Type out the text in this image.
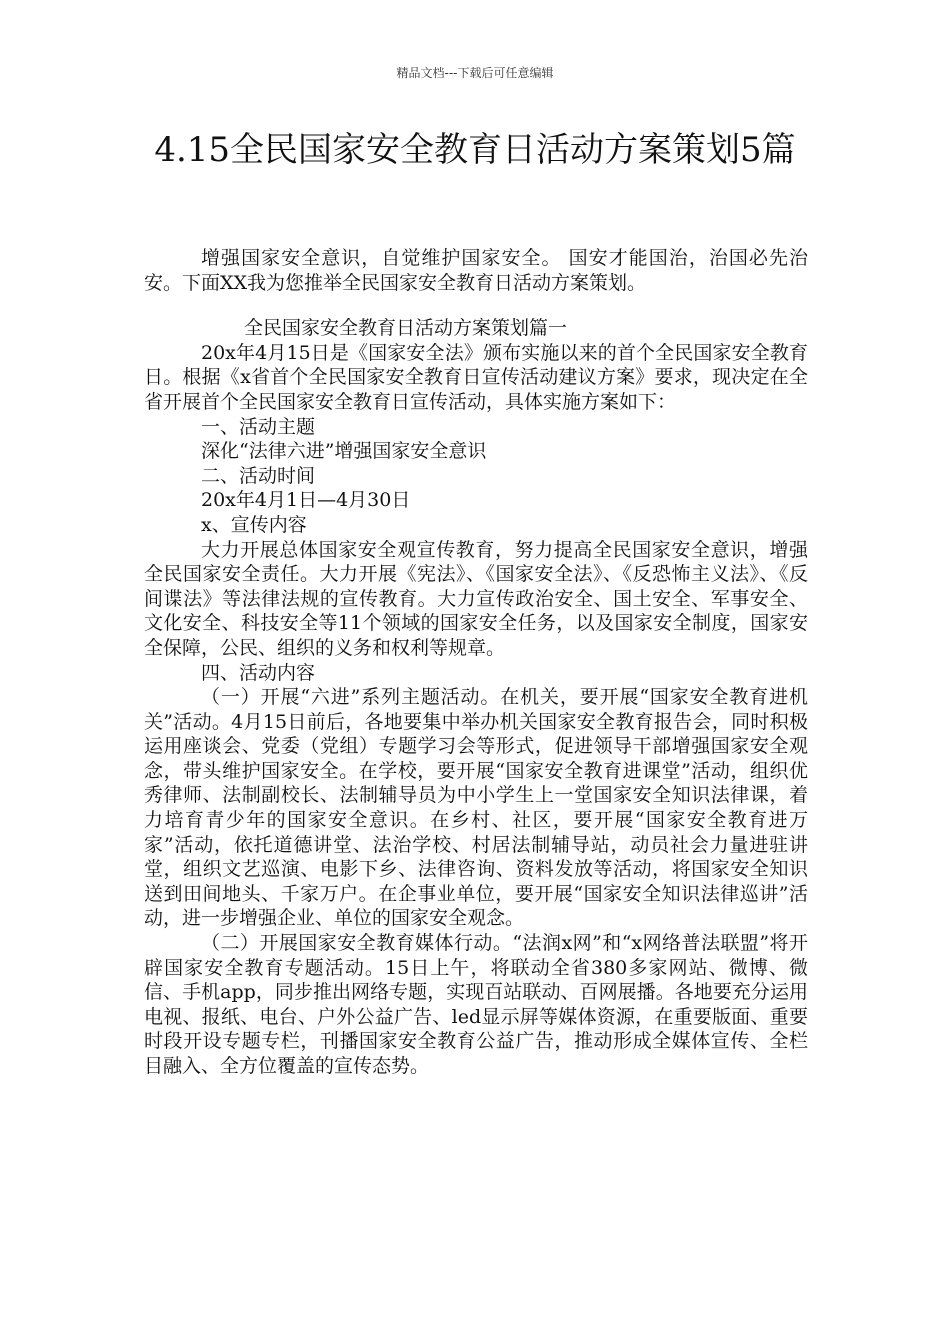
精品文档---下载后可任意编辑
4.15全民国家安全教育日活动方案策划5篇

增强国家安全意识，自觉维护国家安全。 国安才能国治，治国必先治安。下面XX我为您推举全民国家安全教育日活动方案策划。

全民国家安全教育日活动方案策划篇一

20x年4月15日是《国家安全法》颁布实施以来的首个全民国家安全教育日。根据《x省首个全民国家安全教育日宣传活动建议方案》要求，现决定在全省开展首个全民国家安全教育日宣传活动，具体实施方案如下：

一、活动主题

深化“法律六进”增强国家安全意识

二、活动时间

20x年4月1日—4月30日

x、宣传内容

大力开展总体国家安全观宣传教育，努力提高全民国家安全意识，增强全民国家安全责任。大力开展《宪法》、《国家安全法》、《反恐怖主义法》、《反间谍法》等法律法规的宣传教育。大力宣传政治安全、国土安全、军事安全、文化安全、科技安全等11个领域的国家安全任务，以及国家安全制度，国家安全保障，公民、组织的义务和权利等规章。

四、活动内容

（一）开展“六进”系列主题活动。在机关，要开展“国家安全教育进机关”活动。4月15日前后，各地要集中举办机关国家安全教育报告会，同时积极运用座谈会、党委（党组）专题学习会等形式，促进领导干部增强国家安全观念，带头维护国家安全。在学校，要开展“国家安全教育进课堂”活动，组织优秀律师、法制副校长、法制辅导员为中小学生上一堂国家安全知识法律课，着力培育青少年的国家安全意识。在乡村、社区，要开展“国家安全教育进万家”活动，依托道德讲堂、法治学校、村居法制辅导站，动员社会力量进驻讲堂，组织文艺巡演、电影下乡、法律咨询、资料发放等活动，将国家安全知识送到田间地头、千家万户。在企事业单位，要开展“国家安全知识法律巡讲”活动，进一步增强企业、单位的国家安全观念。

（二）开展国家安全教育媒体行动。“法润x网”和“x网络普法联盟”将开辟国家安全教育专题活动。15日上午，将联动全省380多家网站、微博、微信、手机app，同步推出网络专题，实现百站联动、百网展播。各地要充分运用电视、报纸、电台、户外公益广告、led显示屏等媒体资源，在重要版面、重要时段开设专题专栏，刊播国家安全教育公益广告，推动形成全媒体宣传、全栏目融入、全方位覆盖的宣传态势。
